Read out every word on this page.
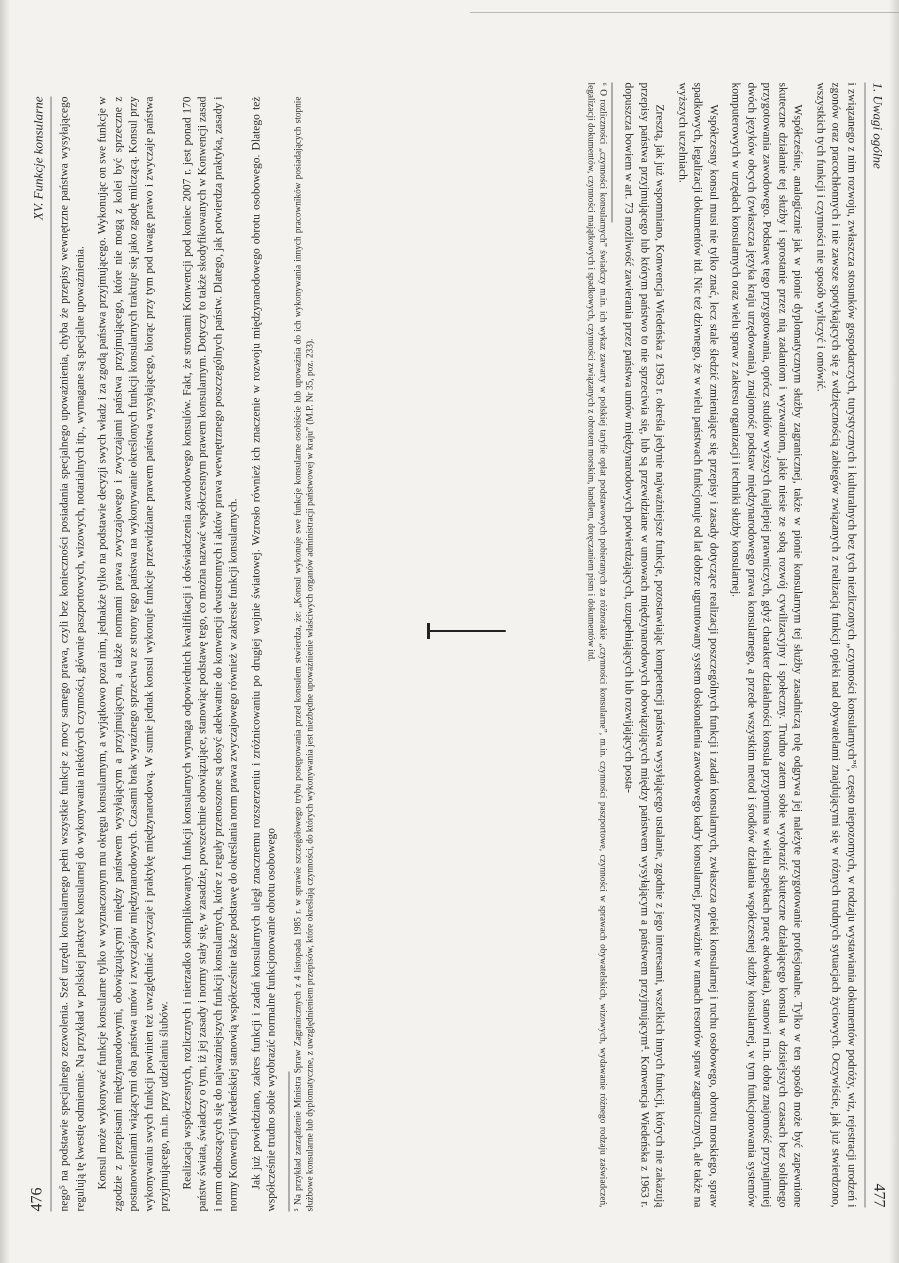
476
XV. Funkcje konsularne nego⁵ na podstawie specjalnego zezwolenia. Szef urzędu konsularnego pełni wszystkie funkcje z mocy samego prawa, czyli bez konieczności posiadania specjalnego upoważnienia, chyba że przepisy wewnętrzne państwa wysyłającego regulują tę kwestię odmiennie. Na przykład w polskiej praktyce konsularnej do wykonywania niektórych czynności, głównie paszportowych, wizowych, notarialnych itp., wymagane są specjalne upoważnienia. Konsul może wykonywać funkcje konsularne tylko w wyznaczonym mu okręgu konsularnym, a wyjątkowo poza nim, jednakże tylko na podstawie decyzji swych władz i za zgodą państwa przyjmującego. Wykonując on swe funkcje w zgodzie z przepisami międzynarodowymi, obowiązującymi między państwem wysyłającym a przyjmującym, a także normami prawa zwyczajowego i zwyczajami państwa przyjmującego, które nie mogą z kolei być sprzeczne z postanowieniami wiążącymi oba państwa umów i zwyczajów międzynarodowych. Czasami brak wyraźnego sprzeciwu ze strony tego państwa na wykonywanie określonych funkcji konsularnych traktuje się jako zgodę milczącą. Konsul przy wykonywaniu swych funkcji powinien też uwzględniać zwyczaje i praktykę międzynarodową. W sumie jednak konsul wykonuje funkcje przewidziane prawem państwa wysyłającego, biorąc przy tym pod uwagę prawo i zwyczaje państwa przyjmującego, m.in. przy udzielaniu ślubów. Realizacja współczesnych, rozlicznych i nierzadko skomplikowanych funkcji konsularnych wymaga odpowiednich kwalifikacji i doświadczenia zawodowego konsulów. Fakt, że stronami Konwencji pod koniec 2007 r. jest ponad 170 państw świata, świadczy o tym, iż jej zasady i normy stały się, w zasadzie, powszechnie obowiązujące, stanowiąc podstawę tego, co można nazwać współczesnym prawem konsularnym. Dotyczy to także skodyfikowanych w Konwencji zasad i norm odnoszących się do najważniejszych funkcji konsularnych, które z reguły przenoszone są dosyć adekwatnie do konwencji dwustronnych i aktów prawa wewnętrznego poszczególnych państw. Dlatego, jak potwierdza praktyka, zasady i normy Konwencji Wiedeńskiej stanowią współcześnie także podstawę do określania norm prawa zwyczajowego również w zakresie funkcji konsularnych. Jak już powiedziano, zakres funkcji i zadań konsularnych uległ znacznemu rozszerzeniu i zróżnicowaniu po drugiej wojnie światowej. Wzrosło również ich znaczenie w rozwoju międzynarodowego obrotu osobowego. Dlatego też współcześnie trudno sobie wyobrazić normalne funkcjonowanie obrotu osobowego ⁵ Na przykład zarządzenie Ministra Spraw Zagranicznych z 4 listopada 1985 r. w sprawie szczegółowego trybu postępowania przed konsulem stwierdza, że: „Konsul wykonuje swe funkcje konsularne osobiście lub upoważnia do ich wykonywania innych pracowników posiadających stopnie służbowe konsularne lub dyplomatyczne, z uwzględnieniem przepisów, które określają czynności, do których wykonywania jest niezbędne upoważnienie właściwych organów administracji państwowej w kraju” (M.P. Nr 35, poz. 233).

1. Uwagi ogólne
477

i związanego z nim rozwoju, zwłaszcza stosunków gospodarczych, turystycznych i kulturalnych bez tych niezliczonych „czynności konsularnych”⁶, często niepozornych, w rodzaju wystawiania dokumentów podróży, wiz, rejestracji urodzeń i zgonów oraz pracochłonnych i nie zawsze spotykających się z wdzięcznością zabiegów związanych z realizacją funkcji opieki nad obywatelami znajdującymi się w różnych trudnych sytuacjach życiowych. Oczywiście, jak już stwierdzono, wszystkich tych funkcji i czynności nie sposób wyliczyć i omówić.

Współcześnie, analogicznie jak w pionie dyplomatycznym służby zagranicznej, także w pionie konsularnym tej służby zasadniczą rolę odgrywa jej należyte przygotowanie profesjonalne. Tylko w ten sposób może być zapewnione skuteczne działanie tej służby i sprostanie przez nią zadaniom i wyzwaniom, jakie niesie ze sobą rozwój cywilizacyjny i społeczny. Trudno zatem sobie wyobrazić skuteczne działającego konsula w dzisiejszych czasach bez solidnego przygotowania zawodowego. Podstawę tego przygotowania, oprócz studiów wyższych (najlepiej prawniczych, gdyż charakter działalności konsula przypomina w wielu aspektach pracę adwokata), stanowi m.in. dobra znajomość przynajmniej dwóch języków obcych (zwłaszcza języka kraju urzędowania), znajomość podstaw międzynarodowego prawa konsularnego, a przede wszystkim metod i środków działania współczesnej służby konsularnej, w tym funkcjonowania systemów komputerowych w urzędach konsularnych oraz wielu spraw z zakresu organizacji i techniki służby konsularnej.

Współczesny konsul musi nie tylko znać, lecz stale śledzić zmieniające się przepisy i zasady dotyczące realizacji poszczególnych funkcji i zadań konsularnych, zwłaszcza opieki konsularnej i ruchu osobowego, obrotu morskiego, spraw spadkowych, legalizacji dokumentów itd. Nic też dziwnego, że w wielu państwach funkcjonuje od lat dobrze ugruntowany system doskonalenia zawodowego kadry konsularnej, przeważnie w ramach resortów spraw zagranicznych, ale także na wyższych uczelniach.

Zresztą, jak już wspomniano, Konwencja Wiedeńska z 1963 r. określa jedynie najważniejsze funkcje, pozostawiając kompetencji państwa wysyłającego ustalanie, zgodnie z jego interesami, wszelkich innych funkcji, których nie zakazują przepisy państwa przyjmującego lub którym państwo to nie sprzeciwia się, lub są przewidziane w umowach międzynarodowych obowiązujących między państwem wysyłającym a państwem przyjmującym⁴. Konwencja Wiedeńska z 1963 r. dopuszcza bowiem w art. 73 możliwość zawierania przez państwa umów międzynarodowych potwierdzających, uzupełniających lub rozwijających posta-

⁶ O rozliczności „czynności konsularnych” świadczy m.in. ich wykaz zawarty w polskiej taryfie opłat podstawowych pobieranych za różnorakie „czynności konsularne”, m.in. czynności paszportowe, czynności w sprawach obywatelskich, wizowych, wydawanie różnego rodzaju zaświadczeń, legalizacji dokumentów, czynności majątkowych i spadkowych, czynności związanych z obrotem morskim, handlem, doręczaniem pism i dokumentów itd.
